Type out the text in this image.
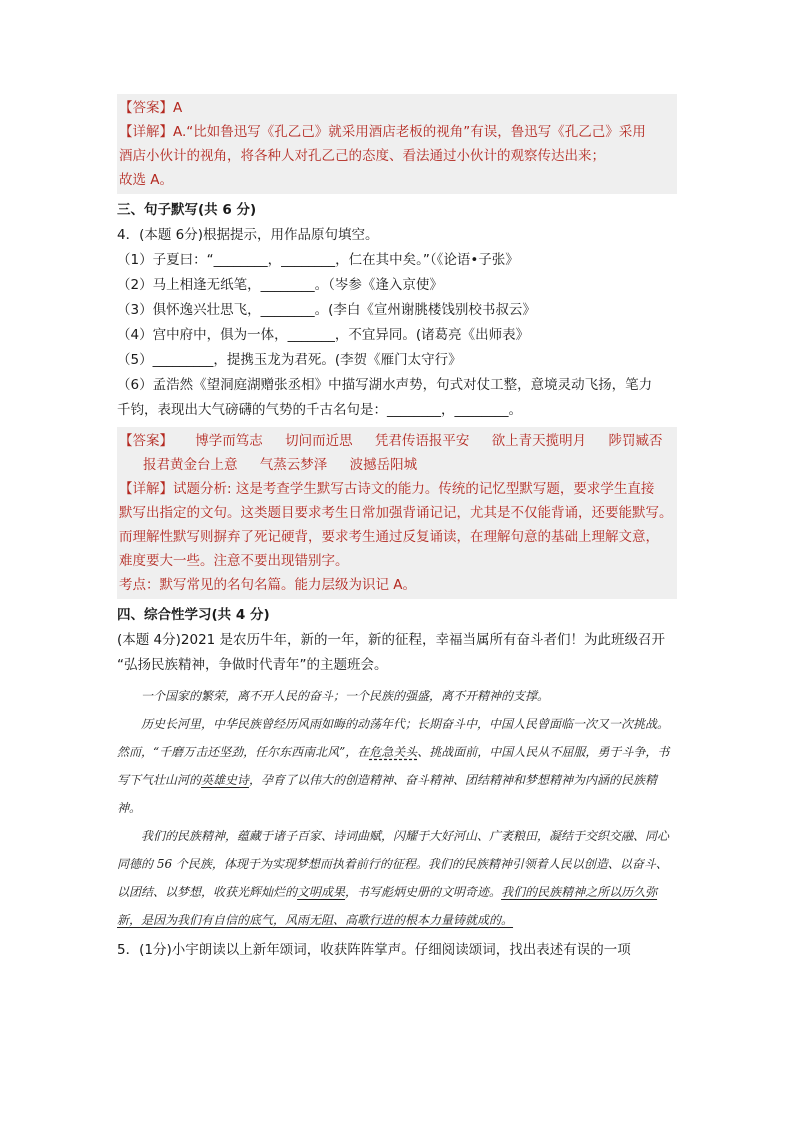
【答案】A

【详解】A.“比如鲁迅写《孔乙己》就采用酒店老板的视角”有误，鲁迅写《孔乙己》采用

酒店小伙计的视角，将各种人对孔乙己的态度、看法通过小伙计的观察传达出来；

故选 A。

三、句子默写(共 6 分)

4．(本题 6分)根据提示，用作品原句填空。

（1）子夏曰：“________，________，仁在其中矣。”（《论语•子张》

（2）马上相逢无纸笔，________。（岑参《逢入京使》

（3）俱怀逸兴壮思飞，________。(李白《宣州谢朓楼饯别校书叔云》

（4）宫中府中，俱为一体，_______，不宜异同。(诸葛亮《出师表》

（5）_________，提携玉龙为君死。(李贺《雁门太守行》

（6）孟浩然《望洞庭湖赠张丞相》中描写湖水声势，句式对仗工整，意境灵动飞扬，笔力

千钧，表现出大气磅礴的气势的千古名句是：________，________。

【答案】 博学而笃志 切问而近思 凭君传语报平安 欲上青天揽明月 陟罚臧否

报君黄金台上意 气蒸云梦泽 波撼岳阳城

【详解】试题分析: 这是考查学生默写古诗文的能力。传统的记忆型默写题，要求学生直接

默写出指定的文句。这类题目要求考生日常加强背诵记记，尤其是不仅能背诵，还要能默写。

而理解性默写则摒弃了死记硬背，要求考生通过反复诵读，在理解句意的基础上理解文意，

难度要大一些。注意不要出现错别字。

考点：默写常见的名句名篇。能力层级为识记 A。

四、综合性学习(共 4 分)

(本题 4分)2021 是农历牛年，新的一年，新的征程，幸福当属所有奋斗者们！为此班级召开

“弘扬民族精神，争做时代青年”的主题班会。

一个国家的繁荣，离不开人民的奋斗；一个民族的强盛，离不开精神的支撑。

历史长河里，中华民族曾经历风雨如晦的动荡年代；长期奋斗中，中国人民曾面临一次又一次挑战。然而，“千磨万击还坚劲，任尔东西南北风”，在危急关头、挑战面前，中国人民从不屈服，勇于斗争，书写下气壮山河的英雄史诗，孕育了以伟大的创造精神、奋斗精神、团结精神和梦想精神为内涵的民族精神。

我们的民族精神，蕴藏于诸子百家、诗词曲赋，闪耀于大好河山、广袤粮田，凝结于交织交融、同心同德的 56 个民族，体现于为实现梦想而执着前行的征程。我们的民族精神引领着人民以创造、以奋斗、以团结、以梦想，收获光辉灿烂的文明成果，书写彪炳史册的文明奇迹。我们的民族精神之所以历久弥新，是因为我们有自信的底气，风雨无阻、高歌行进的根本力量铸就成的。

5．(1分)小宇朗读以上新年颂词，收获阵阵掌声。仔细阅读颂词，找出表述有误的一项
